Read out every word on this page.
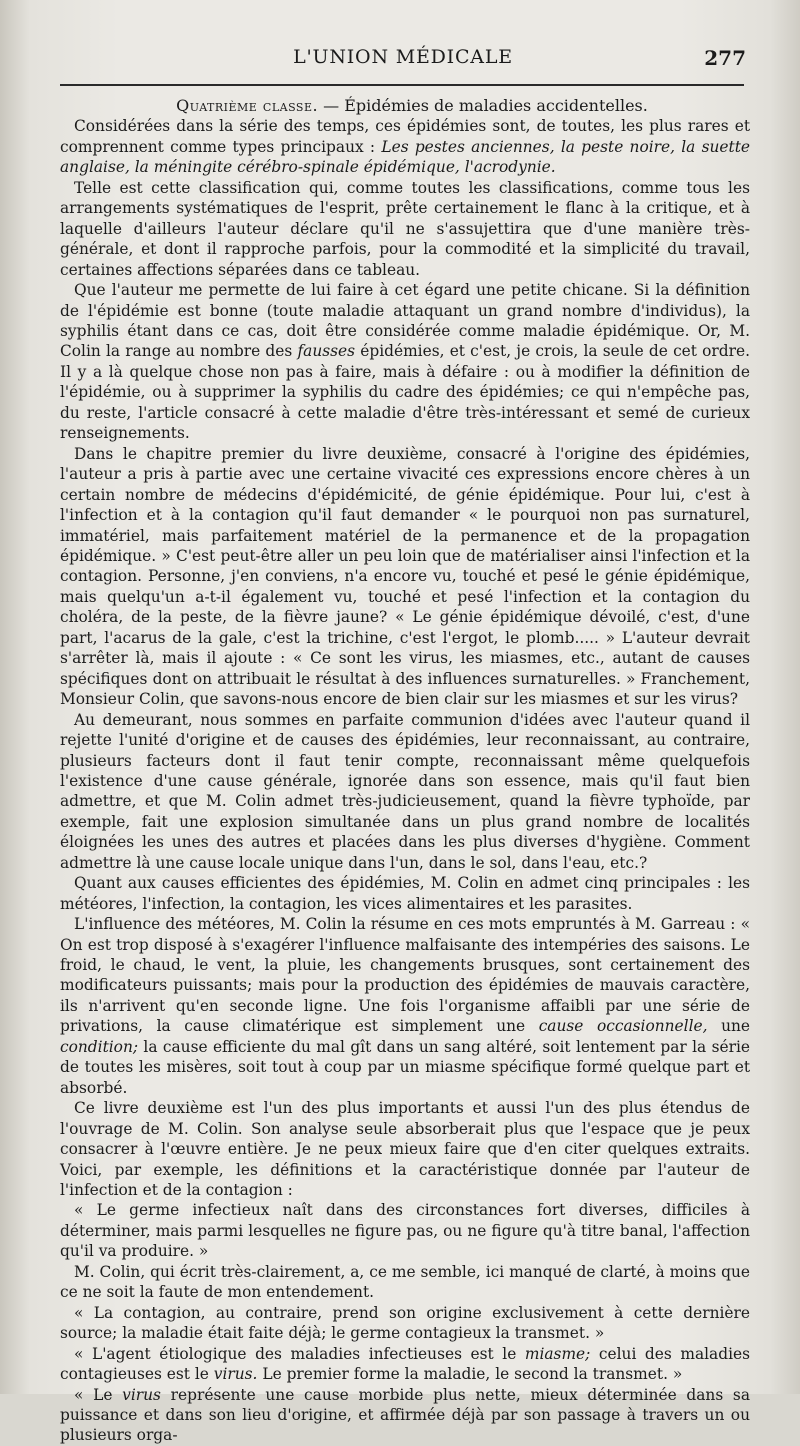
L'UNION MÉDICALE	277

Quatrième classe. — Épidémies de maladies accidentelles.

Considérées dans la série des temps, ces épidémies sont, de toutes, les plus rares et comprennent comme types principaux : Les pestes anciennes, la peste noire, la suette anglaise, la méningite cérébro-spinale épidémique, l'acrodynie.

Telle est cette classification qui, comme toutes les classifications, comme tous les arrangements systématiques de l'esprit, prête certainement le flanc à la critique, et à laquelle d'ailleurs l'auteur déclare qu'il ne s'assujettira que d'une manière très-générale, et dont il rapproche parfois, pour la commodité et la simplicité du travail, certaines affections séparées dans ce tableau.

Que l'auteur me permette de lui faire à cet égard une petite chicane. Si la définition de l'épidémie est bonne (toute maladie attaquant un grand nombre d'individus), la syphilis étant dans ce cas, doit être considérée comme maladie épidémique. Or, M. Colin la range au nombre des fausses épidémies, et c'est, je crois, la seule de cet ordre. Il y a là quelque chose non pas à faire, mais à défaire : ou à modifier la définition de l'épidémie, ou à supprimer la syphilis du cadre des épidémies; ce qui n'empêche pas, du reste, l'article consacré à cette maladie d'être très-intéressant et semé de curieux renseignements.

Dans le chapitre premier du livre deuxième, consacré à l'origine des épidémies, l'auteur a pris à partie avec une certaine vivacité ces expressions encore chères à un certain nombre de médecins d'épidémicité, de génie épidémique. Pour lui, c'est à l'infection et à la contagion qu'il faut demander « le pourquoi non pas surnaturel, immatériel, mais parfaitement matériel de la permanence et de la propagation épidémique. » C'est peut-être aller un peu loin que de matérialiser ainsi l'infection et la contagion. Personne, j'en conviens, n'a encore vu, touché et pesé le génie épidémique, mais quelqu'un a-t-il également vu, touché et pesé l'infection et la contagion du choléra, de la peste, de la fièvre jaune? « Le génie épidémique dévoilé, c'est, d'une part, l'acarus de la gale, c'est la trichine, c'est l'ergot, le plomb..... » L'auteur devrait s'arrêter là, mais il ajoute : « Ce sont les virus, les miasmes, etc., autant de causes spécifiques dont on attribuait le résultat à des influences surnaturelles. » Franchement, Monsieur Colin, que savons-nous encore de bien clair sur les miasmes et sur les virus?

Au demeurant, nous sommes en parfaite communion d'idées avec l'auteur quand il rejette l'unité d'origine et de causes des épidémies, leur reconnaissant, au contraire, plusieurs facteurs dont il faut tenir compte, reconnaissant même quelquefois l'existence d'une cause générale, ignorée dans son essence, mais qu'il faut bien admettre, et que M. Colin admet très-judicieusement, quand la fièvre typhoïde, par exemple, fait une explosion simultanée dans un plus grand nombre de localités éloignées les unes des autres et placées dans les plus diverses d'hygiène. Comment admettre là une cause locale unique dans l'un, dans le sol, dans l'eau, etc.?

Quant aux causes efficientes des épidémies, M. Colin en admet cinq principales : les météores, l'infection, la contagion, les vices alimentaires et les parasites.

L'influence des météores, M. Colin la résume en ces mots empruntés à M. Garreau : « On est trop disposé à s'exagérer l'influence malfaisante des intempéries des saisons. Le froid, le chaud, le vent, la pluie, les changements brusques, sont certainement des modificateurs puissants; mais pour la production des épidémies de mauvais caractère, ils n'arrivent qu'en seconde ligne. Une fois l'organisme affaibli par une série de privations, la cause climatérique est simplement une cause occasionnelle, une condition; la cause efficiente du mal gît dans un sang altéré, soit lentement par la série de toutes les misères, soit tout à coup par un miasme spécifique formé quelque part et absorbé.

Ce livre deuxième est l'un des plus importants et aussi l'un des plus étendus de l'ouvrage de M. Colin. Son analyse seule absorberait plus que l'espace que je peux consacrer à l'œuvre entière. Je ne peux mieux faire que d'en citer quelques extraits. Voici, par exemple, les définitions et la caractéristique donnée par l'auteur de l'infection et de la contagion :

« Le germe infectieux naît dans des circonstances fort diverses, difficiles à déterminer, mais parmi lesquelles ne figure pas, ou ne figure qu'à titre banal, l'affection qu'il va produire. »

M. Colin, qui écrit très-clairement, a, ce me semble, ici manqué de clarté, à moins que ce ne soit la faute de mon entendement.

« La contagion, au contraire, prend son origine exclusivement à cette dernière source; la maladie était faite déjà; le germe contagieux la transmet. »

« L'agent étiologique des maladies infectieuses est le miasme; celui des maladies contagieuses est le virus. Le premier forme la maladie, le second la transmet. »

« Le virus représente une cause morbide plus nette, mieux déterminée dans sa puissance et dans son lieu d'origine, et affirmée déjà par son passage à travers un ou plusieurs orga-
